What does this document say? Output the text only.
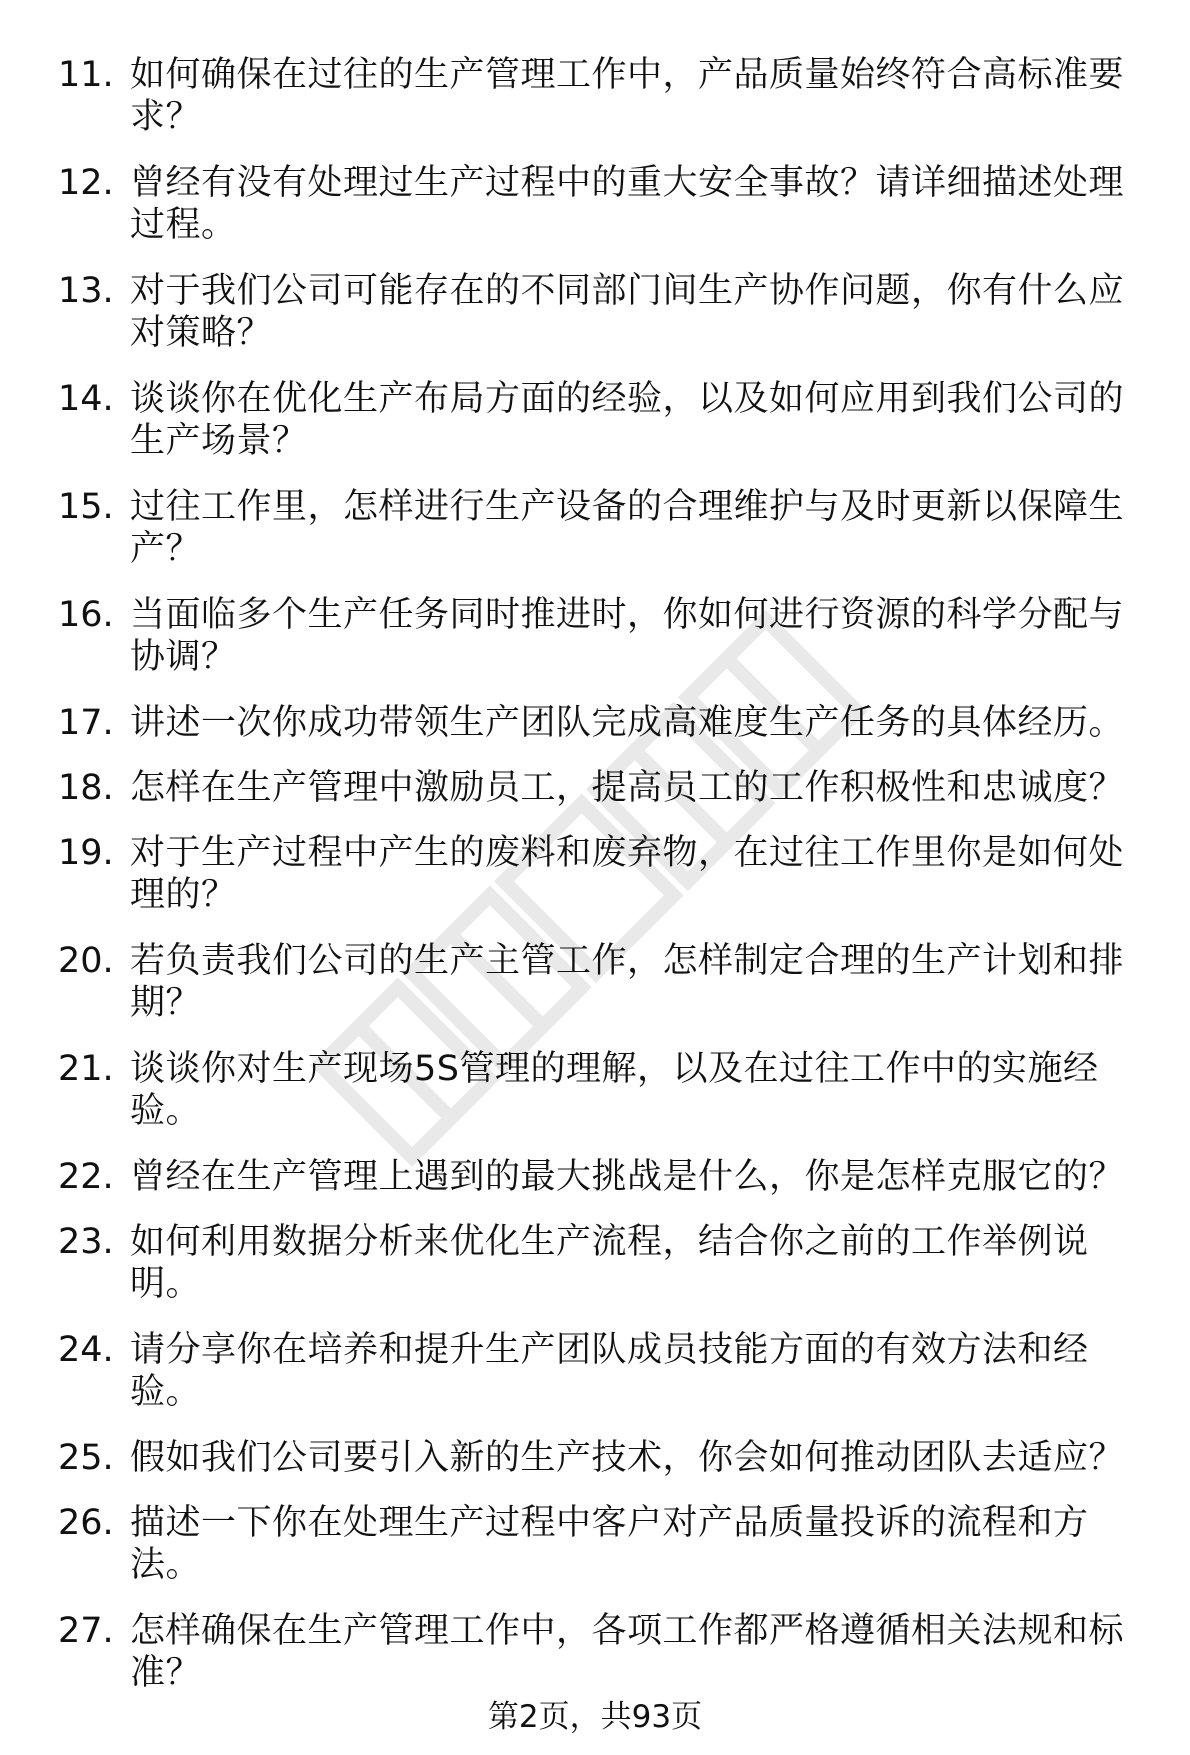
11. 如何确保在过往的生产管理工作中，产品质量始终符合高标准要求？
12. 曾经有没有处理过生产过程中的重大安全事故？请详细描述处理过程。
13. 对于我们公司可能存在的不同部门间生产协作问题，你有什么应对策略？
14. 谈谈你在优化生产布局方面的经验，以及如何应用到我们公司的生产场景？
15. 过往工作里，怎样进行生产设备的合理维护与及时更新以保障生产？
16. 当面临多个生产任务同时推进时，你如何进行资源的科学分配与协调？
17. 讲述一次你成功带领生产团队完成高难度生产任务的具体经历。
18. 怎样在生产管理中激励员工，提高员工的工作积极性和忠诚度？
19. 对于生产过程中产生的废料和废弃物，在过往工作里你是如何处理的？
20. 若负责我们公司的生产主管工作，怎样制定合理的生产计划和排期？
21. 谈谈你对生产现场5S管理的理解，以及在过往工作中的实施经验。
22. 曾经在生产管理上遇到的最大挑战是什么，你是怎样克服它的？
23. 如何利用数据分析来优化生产流程，结合你之前的工作举例说明。
24. 请分享你在培养和提升生产团队成员技能方面的有效方法和经验。
25. 假如我们公司要引入新的生产技术，你会如何推动团队去适应？
26. 描述一下你在处理生产过程中客户对产品质量投诉的流程和方法。
27. 怎样确保在生产管理工作中，各项工作都严格遵循相关法规和标准？
第2页，共93页
